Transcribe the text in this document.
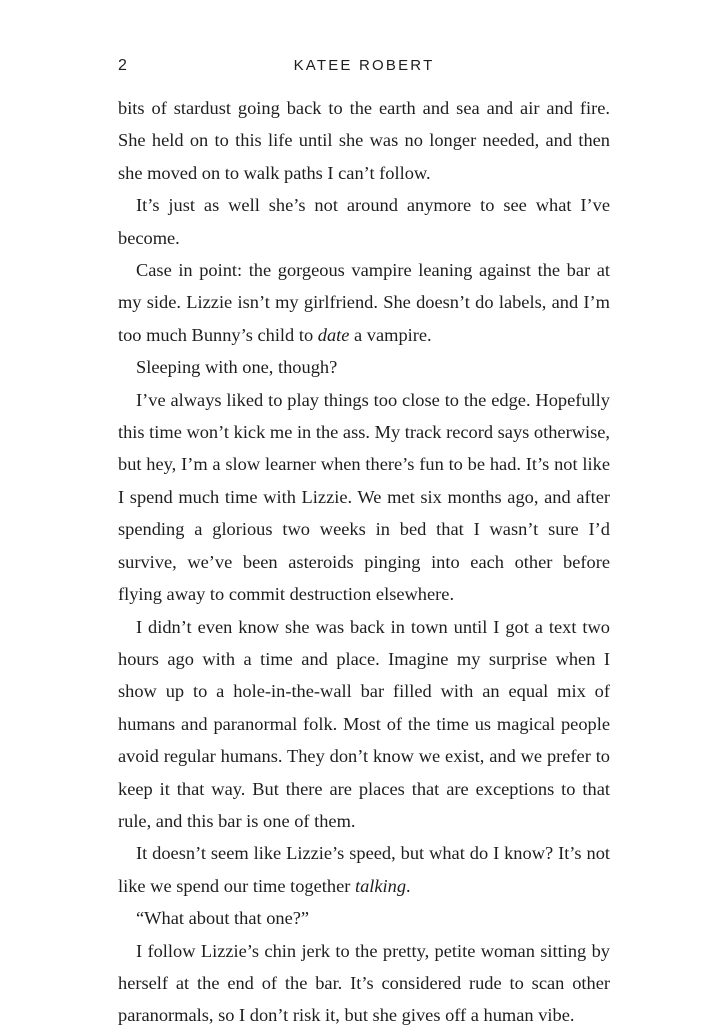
2	KATEE ROBERT

bits of stardust going back to the earth and sea and air and fire. She held on to this life until she was no longer needed, and then she moved on to walk paths I can’t follow.

It’s just as well she’s not around anymore to see what I’ve become.

Case in point: the gorgeous vampire leaning against the bar at my side. Lizzie isn’t my girlfriend. She doesn’t do labels, and I’m too much Bunny’s child to date a vampire.

Sleeping with one, though?

I’ve always liked to play things too close to the edge. Hopefully this time won’t kick me in the ass. My track record says otherwise, but hey, I’m a slow learner when there’s fun to be had. It’s not like I spend much time with Lizzie. We met six months ago, and after spending a glorious two weeks in bed that I wasn’t sure I’d survive, we’ve been asteroids pinging into each other before flying away to commit destruction elsewhere.

I didn’t even know she was back in town until I got a text two hours ago with a time and place. Imagine my surprise when I show up to a hole-in-the-wall bar filled with an equal mix of humans and paranormal folk. Most of the time us magical people avoid regular humans. They don’t know we exist, and we prefer to keep it that way. But there are places that are exceptions to that rule, and this bar is one of them.

It doesn’t seem like Lizzie’s speed, but what do I know? It’s not like we spend our time together talking.

“What about that one?”

I follow Lizzie’s chin jerk to the pretty, petite woman sitting by herself at the end of the bar. It’s considered rude to scan other paranormals, so I don’t risk it, but she gives off a human vibe.
